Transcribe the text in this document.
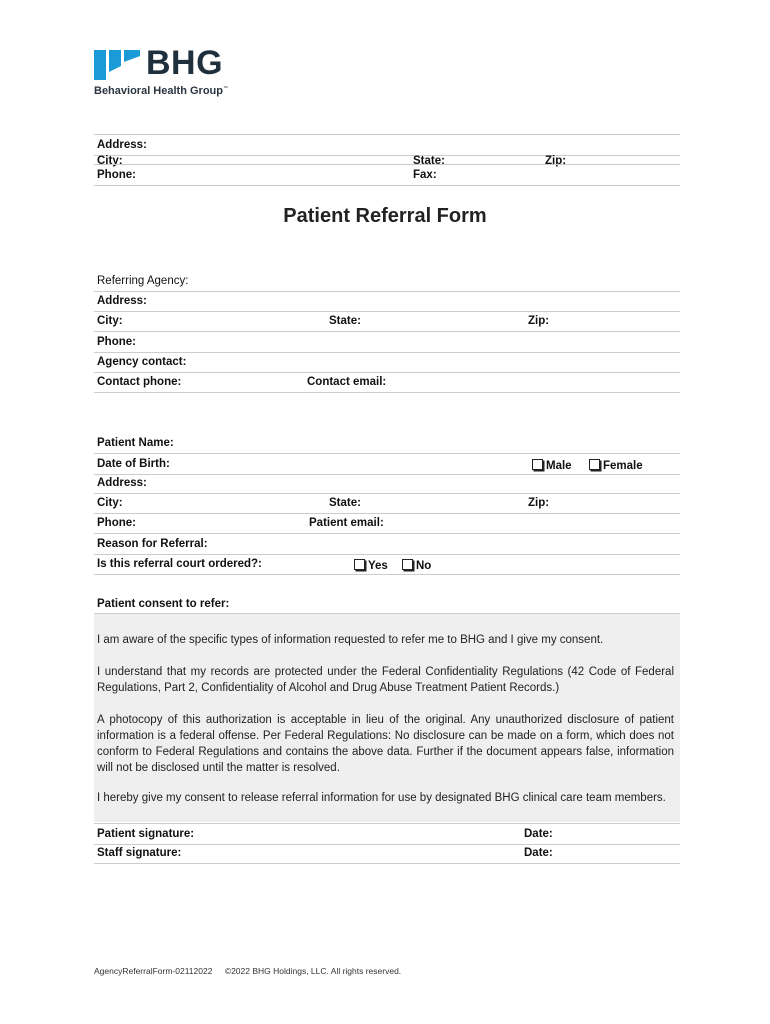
BHG
Behavioral Health Group™
Address:
City:	State:	Zip:
Phone:	Fax:
Patient Referral Form
Referring Agency:
Address:
City:	State:	Zip:
Phone:
Agency contact:
Contact phone:	Contact email:
Patient Name:
Date of Birth:	Male	Female
Address:
City:	State:	Zip:
Phone:	Patient email:
Reason for Referral:
Is this referral court ordered?:	Yes	No
Patient consent to refer:

I am aware of the specific types of information requested to refer me to BHG and I give my consent.

I understand that my records are protected under the Federal Confidentiality Regulations (42 Code of Federal Regulations, Part 2, Confidentiality of Alcohol and Drug Abuse Treatment Patient Records.)

A photocopy of this authorization is acceptable in lieu of the original. Any unauthorized disclosure of patient information is a federal offense. Per Federal Regulations: No disclosure can be made on a form, which does not conform to Federal Regulations and contains the above data. Further if the document appears false, information will not be disclosed until the matter is resolved.

I hereby give my consent to release referral information for use by designated BHG clinical care team members.

Patient signature:	Date:
Staff signature:	Date:
AgencyReferralForm-02112022 ©2022 BHG Holdings, LLC. All rights reserved.
